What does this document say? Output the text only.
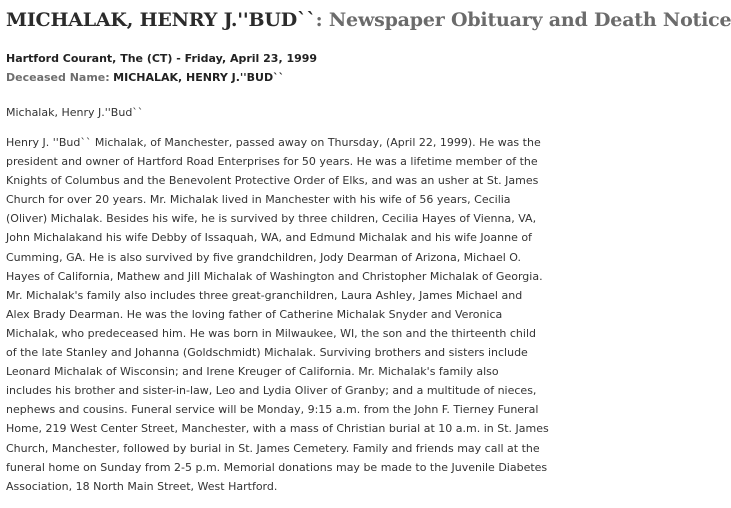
MICHALAK, HENRY J.''BUD``: Newspaper Obituary and Death Notice
Hartford Courant, The (CT) - Friday, April 23, 1999
Deceased Name: MICHALAK, HENRY J.''BUD``
Michalak, Henry J.''Bud``

Henry J. ''Bud`` Michalak, of Manchester, passed away on Thursday, (April 22, 1999). He was the
president and owner of Hartford Road Enterprises for 50 years. He was a lifetime member of the
Knights of Columbus and the Benevolent Protective Order of Elks, and was an usher at St. James
Church for over 20 years. Mr. Michalak lived in Manchester with his wife of 56 years, Cecilia
(Oliver) Michalak. Besides his wife, he is survived by three children, Cecilia Hayes of Vienna, VA,
John Michalakand his wife Debby of Issaquah, WA, and Edmund Michalak and his wife Joanne of
Cumming, GA. He is also survived by five grandchildren, Jody Dearman of Arizona, Michael O.
Hayes of California, Mathew and Jill Michalak of Washington and Christopher Michalak of Georgia.
Mr. Michalak's family also includes three great-granchildren, Laura Ashley, James Michael and
Alex Brady Dearman. He was the loving father of Catherine Michalak Snyder and Veronica
Michalak, who predeceased him. He was born in Milwaukee, WI, the son and the thirteenth child
of the late Stanley and Johanna (Goldschmidt) Michalak. Surviving brothers and sisters include
Leonard Michalak of Wisconsin; and Irene Kreuger of California. Mr. Michalak's family also
includes his brother and sister-in-law, Leo and Lydia Oliver of Granby; and a multitude of nieces,
nephews and cousins. Funeral service will be Monday, 9:15 a.m. from the John F. Tierney Funeral
Home, 219 West Center Street, Manchester, with a mass of Christian burial at 10 a.m. in St. James
Church, Manchester, followed by burial in St. James Cemetery. Family and friends may call at the
funeral home on Sunday from 2-5 p.m. Memorial donations may be made to the Juvenile Diabetes
Association, 18 North Main Street, West Hartford.
